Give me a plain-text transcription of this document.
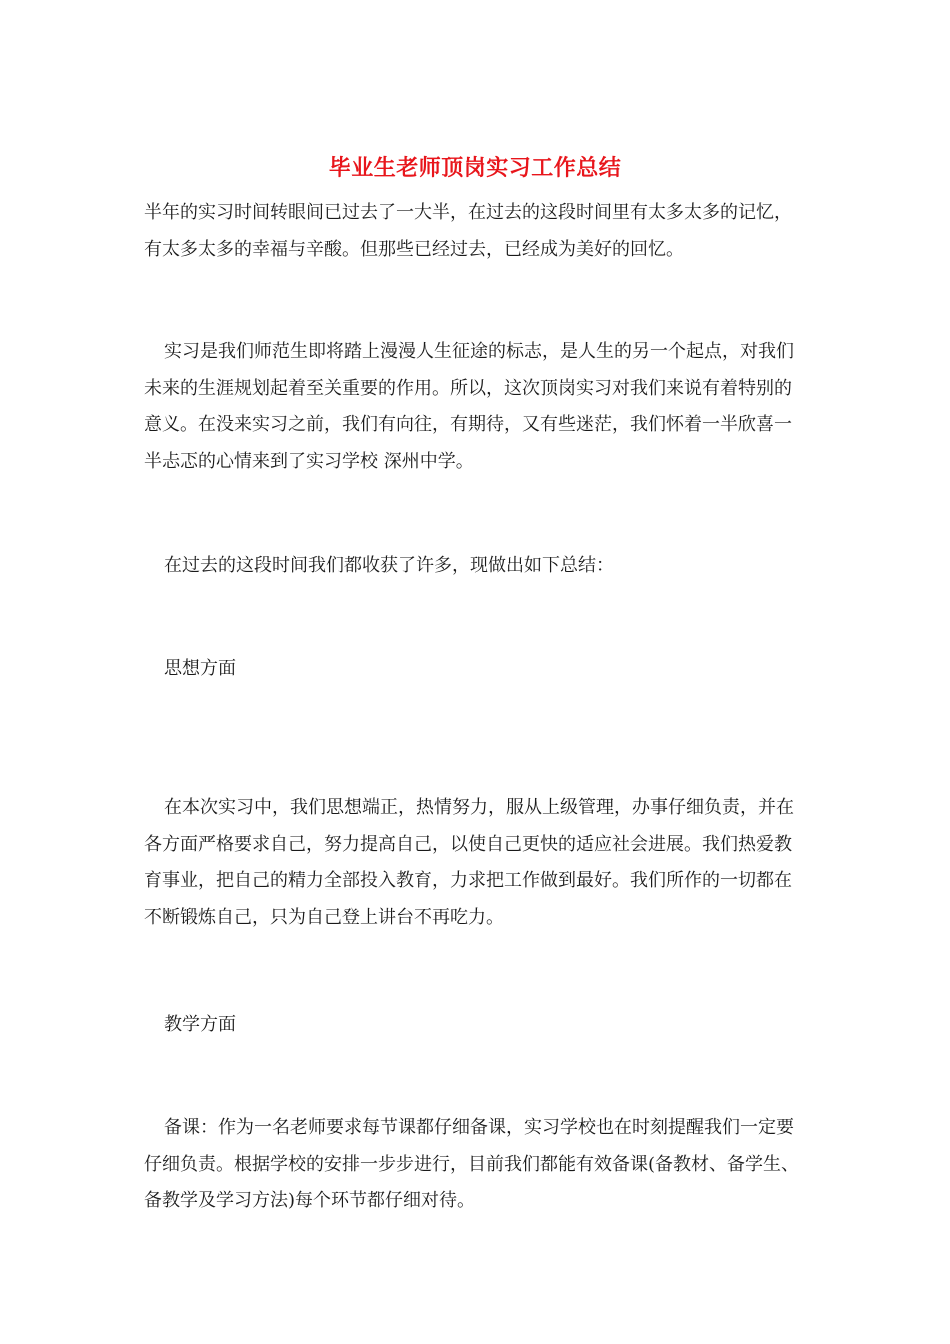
毕业生老师顶岗实习工作总结

半年的实习时间转眼间已过去了一大半，在过去的这段时间里有太多太多的记忆，有太多太多的幸福与辛酸。但那些已经过去，已经成为美好的回忆。

实习是我们师范生即将踏上漫漫人生征途的标志，是人生的另一个起点，对我们未来的生涯规划起着至关重要的作用。所以，这次顶岗实习对我们来说有着特别的意义。在没来实习之前，我们有向往，有期待，又有些迷茫，我们怀着一半欣喜一半忐忑的心情来到了实习学校 深州中学。

在过去的这段时间我们都收获了许多，现做出如下总结：

思想方面

在本次实习中，我们思想端正，热情努力，服从上级管理，办事仔细负责，并在各方面严格要求自己，努力提高自己，以使自己更快的适应社会进展。我们热爱教育事业，把自己的精力全部投入教育，力求把工作做到最好。我们所作的一切都在不断锻炼自己，只为自己登上讲台不再吃力。

教学方面

备课：作为一名老师要求每节课都仔细备课，实习学校也在时刻提醒我们一定要仔细负责。根据学校的安排一步步进行，目前我们都能有效备课(备教材、备学生、备教学及学习方法)每个环节都仔细对待。
